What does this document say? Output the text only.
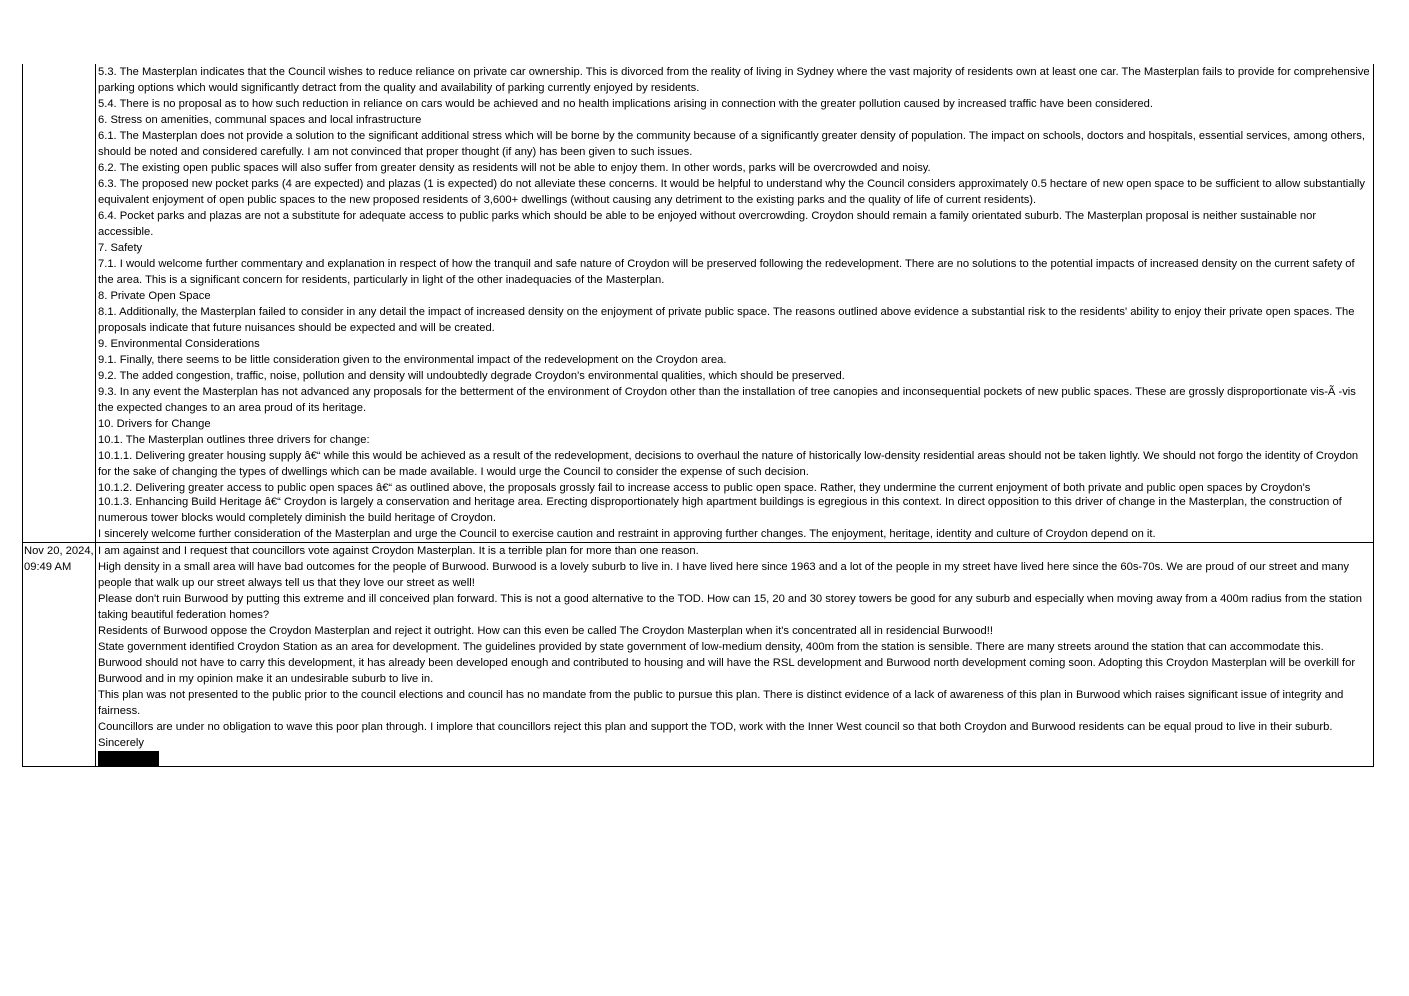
5.3. The Masterplan indicates that the Council wishes to reduce reliance on private car ownership. This is divorced from the reality of living in Sydney where the vast majority of residents own at least one car. The Masterplan fails to provide for comprehensive parking options which would significantly detract from the quality and availability of parking currently enjoyed by residents.
5.4. There is no proposal as to how such reduction in reliance on cars would be achieved and no health implications arising in connection with the greater pollution caused by increased traffic have been considered.
6. Stress on amenities, communal spaces and local infrastructure
6.1. The Masterplan does not provide a solution to the significant additional stress which will be borne by the community because of a significantly greater density of population. The impact on schools, doctors and hospitals, essential services, among others, should be noted and considered carefully. I am not convinced that proper thought (if any) has been given to such issues.
6.2. The existing open public spaces will also suffer from greater density as residents will not be able to enjoy them. In other words, parks will be overcrowded and noisy.
6.3. The proposed new pocket parks (4 are expected) and plazas (1 is expected) do not alleviate these concerns. It would be helpful to understand why the Council considers approximately 0.5 hectare of new open space to be sufficient to allow substantially equivalent enjoyment of open public spaces to the new proposed residents of 3,600+ dwellings (without causing any detriment to the existing parks and the quality of life of current residents).
6.4. Pocket parks and plazas are not a substitute for adequate access to public parks which should be able to be enjoyed without overcrowding. Croydon should remain a family orientated suburb. The Masterplan proposal is neither sustainable nor accessible.
7. Safety
7.1. I would welcome further commentary and explanation in respect of how the tranquil and safe nature of Croydon will be preserved following the redevelopment. There are no solutions to the potential impacts of increased density on the current safety of the area. This is a significant concern for residents, particularly in light of the other inadequacies of the Masterplan.
8. Private Open Space
8.1. Additionally, the Masterplan failed to consider in any detail the impact of increased density on the enjoyment of private public space. The reasons outlined above evidence a substantial risk to the residents' ability to enjoy their private open spaces. The proposals indicate that future nuisances should be expected and will be created.
9. Environmental Considerations
9.1. Finally, there seems to be little consideration given to the environmental impact of the redevelopment on the Croydon area.
9.2. The added congestion, traffic, noise, pollution and density will undoubtedly degrade Croydon's environmental qualities, which should be preserved.
9.3. In any event the Masterplan has not advanced any proposals for the betterment of the environment of Croydon other than the installation of tree canopies and inconsequential pockets of new public spaces. These are grossly disproportionate vis-Ã -vis the expected changes to an area proud of its heritage.
10. Drivers for Change
10.1. The Masterplan outlines three drivers for change:
10.1.1. Delivering greater housing supply â€“ while this would be achieved as a result of the redevelopment, decisions to overhaul the nature of historically low-density residential areas should not be taken lightly. We should not forgo the identity of Croydon for the sake of changing the types of dwellings which can be made available. I would urge the Council to consider the expense of such decision.
10.1.2. Delivering greater access to public open spaces â€“ as outlined above, the proposals grossly fail to increase access to public open space. Rather, they undermine the current enjoyment of both private and public open spaces by Croydon's
10.1.3. Enhancing Build Heritage â€“ Croydon is largely a conservation and heritage area. Erecting disproportionately high apartment buildings is egregious in this context. In direct opposition to this driver of change in the Masterplan, the construction of numerous tower blocks would completely diminish the build heritage of Croydon.
I sincerely welcome further consideration of the Masterplan and urge the Council to exercise caution and restraint in approving further changes. The enjoyment, heritage, identity and culture of Croydon depend on it.
Nov 20, 2024, 09:49 AM
I am against and I request that councillors vote against Croydon Masterplan. It is a terrible plan for more than one reason.
High density in a small area will have bad outcomes for the people of Burwood. Burwood is a lovely suburb to live in. I have lived here since 1963 and a lot of the people in my street have lived here since the 60s-70s. We are proud of our street and many people that walk up our street always tell us that they love our street as well!
Please don't ruin Burwood by putting this extreme and ill conceived plan forward. This is not a good alternative to the TOD. How can 15, 20 and 30 storey towers be good for any suburb and especially when moving away from a 400m radius from the station taking beautiful federation homes?
Residents of Burwood oppose the Croydon Masterplan and reject it outright. How can this even be called The Croydon Masterplan when it's concentrated all in residencial Burwood!!
State government identified Croydon Station as an area for development. The guidelines provided by state government of low-medium density, 400m from the station is sensible. There are many streets around the station that can accommodate this.
Burwood should not have to carry this development, it has already been developed enough and contributed to housing and will have the RSL development and Burwood north development coming soon. Adopting this Croydon Masterplan will be overkill for Burwood and in my opinion make it an undesirable suburb to live in.
This plan was not presented to the public prior to the council elections and council has no mandate from the public to pursue this plan. There is distinct evidence of a lack of awareness of this plan in Burwood which raises significant issue of integrity and fairness.
Councillors are under no obligation to wave this poor plan through. I implore that councillors reject this plan and support the TOD, work with the Inner West council so that both Croydon and Burwood residents can be equal proud to live in their suburb.
Sincerely
